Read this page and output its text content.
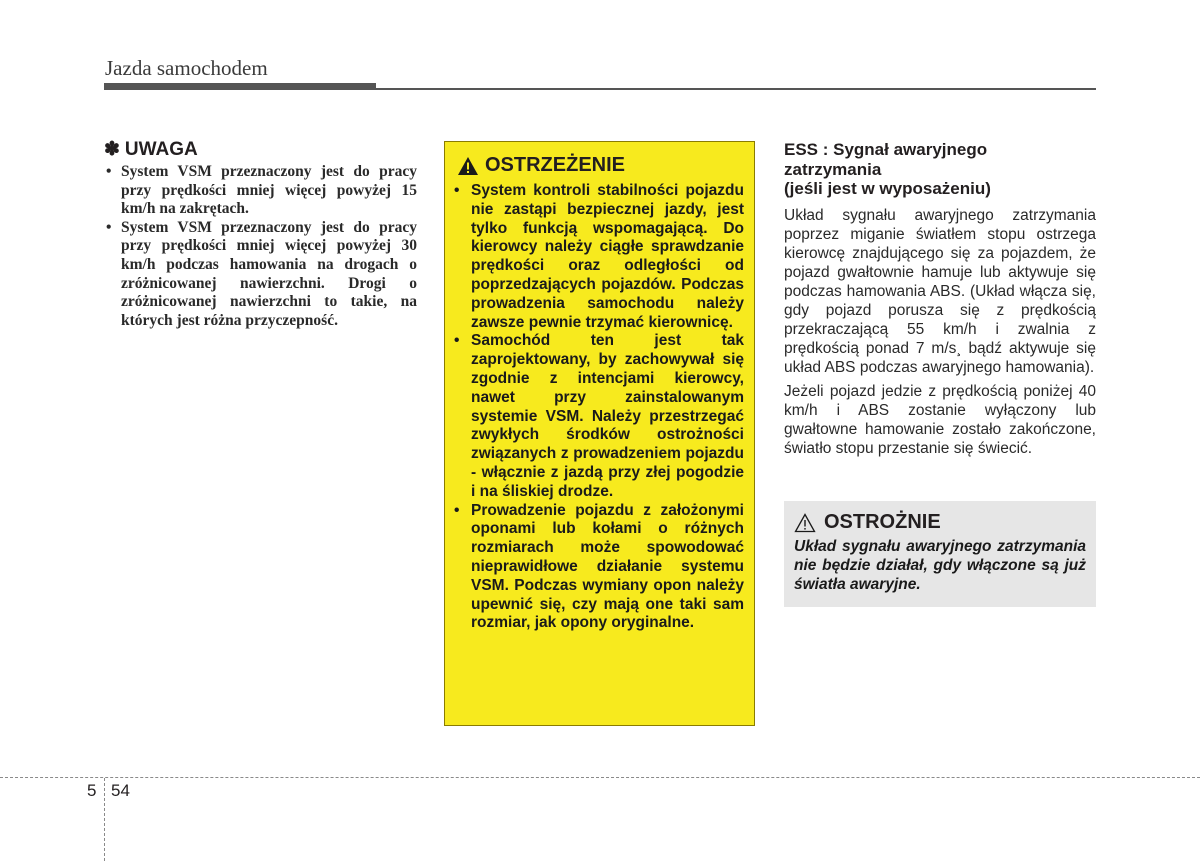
Jazda samochodem
✽ UWAGA
• System VSM przeznaczony jest do pracy przy prędkości mniej więcej powyżej 15 km/h na zakrętach.
• System VSM przeznaczony jest do pracy przy prędkości mniej więcej powyżej 30 km/h podczas hamowania na drogach o zróżnicowanej nawierzchni. Drogi o zróżnicowanej nawierzchni to takie, na których jest różna przyczepność.
OSTRZEŻENIE
• System kontroli stabilności pojazdu nie zastąpi bezpiecznej jazdy, jest tylko funkcją wspomagającą. Do kierowcy należy ciągłe sprawdzanie prędkości oraz odległości od poprzedzających pojazdów. Podczas prowadzenia samochodu należy zawsze pewnie trzymać kierownicę.
• Samochód ten jest tak zaprojektowany, by zachowywał się zgodnie z intencjami kierowcy, nawet przy zainstalowanym systemie VSM. Należy przestrzegać zwykłych środków ostrożności związanych z prowadzeniem pojazdu - włącznie z jazdą przy złej pogodzie i na śliskiej drodze.
• Prowadzenie pojazdu z założonymi oponami lub kołami o różnych rozmiarach może spowodować nieprawidłowe działanie systemu VSM. Podczas wymiany opon należy upewnić się, czy mają one taki sam rozmiar, jak opony oryginalne.
ESS : Sygnał awaryjnego
zatrzymania
(jeśli jest w wyposażeniu)

Układ sygnału awaryjnego zatrzymania poprzez miganie światłem stopu ostrzega kierowcę znajdującego się za pojazdem, że pojazd gwałtownie hamuje lub aktywuje się podczas hamowania ABS. (Układ włącza się, gdy pojazd porusza się z prędkością przekraczającą 55 km/h i zwalnia z prędkością ponad 7 m/s¸ bądź aktywuje się układ ABS podczas awaryjnego hamowania).

Jeżeli pojazd jedzie z prędkością poniżej 40 km/h i ABS zostanie wyłączony lub gwałtowne hamowanie zostało zakończone, światło stopu przestanie się świecić.

OSTROŻNIE
Układ sygnału awaryjnego zatrzymania nie będzie działał, gdy włączone są już światła awaryjne.
5 54
